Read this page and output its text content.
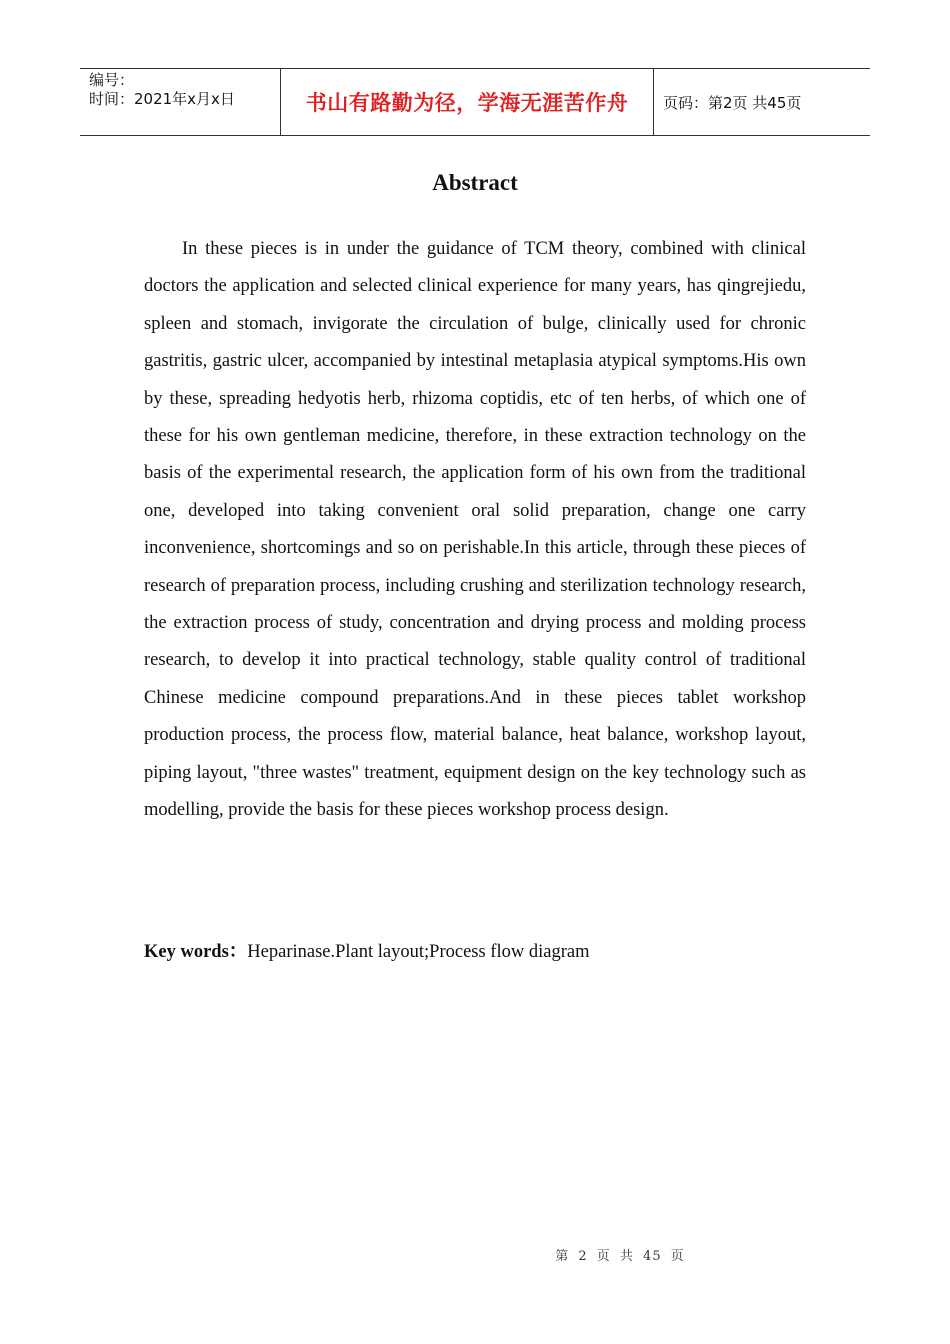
编号：
时间：2021年x月x日	书山有路勤为径，学海无涯苦作舟	页码：第2页 共45页
Abstract

In these pieces is in under the guidance of TCM theory, combined with clinical doctors the application and selected clinical experience for many years, has qingrejiedu, spleen and stomach, invigorate the circulation of bulge, clinically used for chronic gastritis, gastric ulcer, accompanied by intestinal metaplasia atypical symptoms.His own by these, spreading hedyotis herb, rhizoma coptidis, etc of ten herbs, of which one of these for his own gentleman medicine, therefore, in these extraction technology on the basis of the experimental research, the application form of his own from the traditional one, developed into taking convenient oral solid preparation, change one carry inconvenience, shortcomings and so on perishable.In this article, through these pieces of research of preparation process, including crushing and sterilization technology research, the extraction process of study, concentration and drying process and molding process research, to develop it into practical technology, stable quality control of traditional Chinese medicine compound preparations.And in these pieces tablet workshop production process, the process flow, material balance, heat balance, workshop layout, piping layout, "three wastes" treatment, equipment design on the key technology such as modelling, provide the basis for these pieces workshop process design.

Key words：Heparinase.Plant layout;Process flow diagram
第 2 页 共 45 页
